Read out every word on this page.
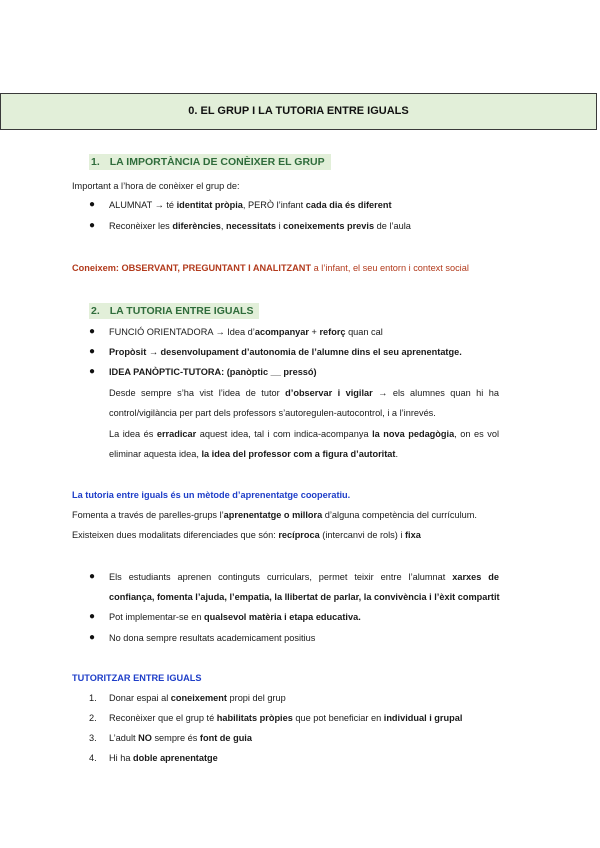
0. EL GRUP I LA TUTORIA ENTRE IGUALS
1. LA IMPORTÀNCIA DE CONÈIXER EL GRUP
Important a l’hora de conèixer el grup de:
●	ALUMNAT → té identitat pròpia, PERÒ l’infant cada dia és diferent
●	Reconèixer les diferències, necessitats i coneixements previs de l’aula
Coneixem: OBSERVANT, PREGUNTANT I ANALITZANT a l’infant, el seu entorn i context social
2. LA TUTORIA ENTRE IGUALS
●	FUNCIÓ ORIENTADORA → Idea d’acompanyar + reforç quan cal
●	Propòsit → desenvolupament d’autonomia de l’alumne dins el seu aprenentatge.
●	IDEA PANÒPTIC-TUTORA: (panòptic __ pressó)
Desde sempre s’ha vist l’idea de tutor d’observar i vigilar → els alumnes quan hi ha
control/vigilància per part dels professors s’autoregulen-autocontrol, i a l’inrevés.
La idea és erradicar aquest idea, tal i com indica-acompanya la nova pedagògia, on es vol
eliminar aquesta idea, la idea del professor com a figura d’autoritat.
La tutoria entre iguals és un mètode d’aprenentatge cooperatiu.
Fomenta a través de parelles-grups l’aprenentatge o millora d’alguna competència del currículum.
Existeixen dues modalitats diferenciades que són: recíproca (intercanvi de rols) i fixa
●	Els estudiants aprenen continguts curriculars, permet teixir entre l’alumnat xarxes de
confiança, fomenta l’ajuda, l’empatia, la llibertat de parlar, la convivència i l’èxit compartit
●	Pot implementar-se en qualsevol matèria i etapa educativa.
●	No dona sempre resultats academicament positius
TUTORITZAR ENTRE IGUALS
1. Donar espai al coneixement propi del grup
2. Reconèixer que el grup té habilitats pròpies que pot beneficiar en individual i grupal
3. L’adult NO sempre és font de guia
4. Hi ha doble aprenentatge
